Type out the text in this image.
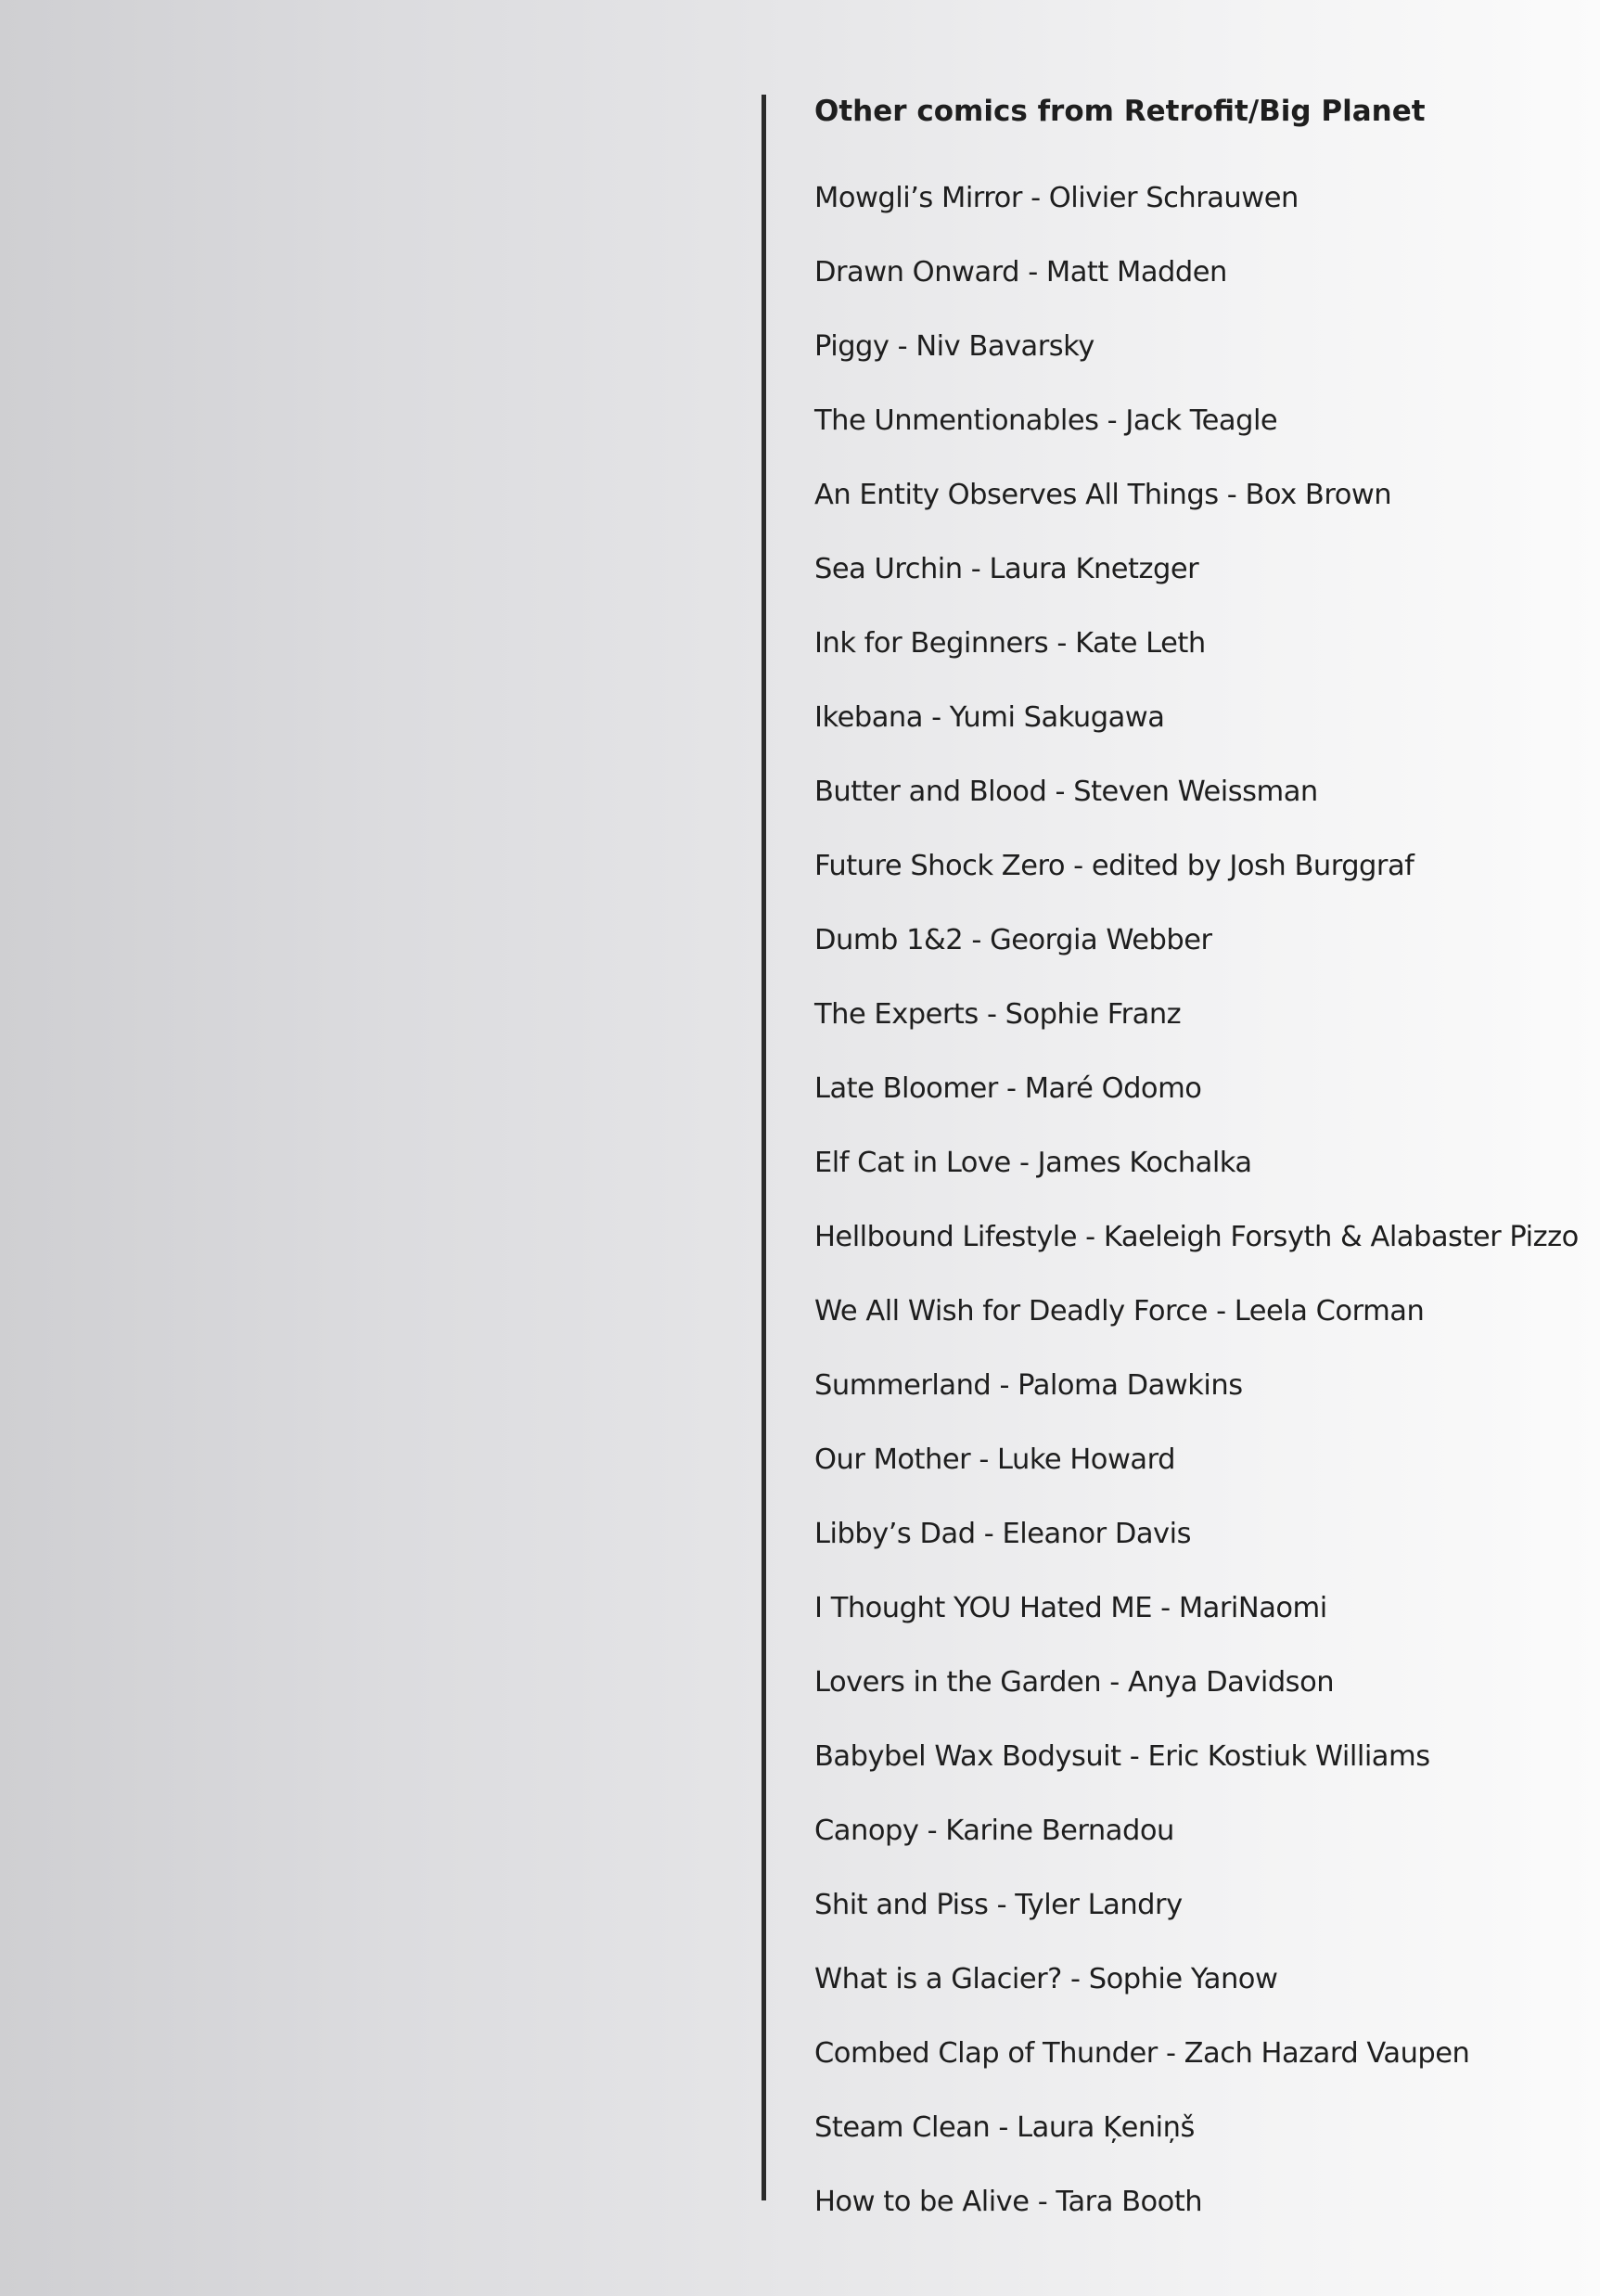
Other comics from Retrofit/Big Planet
Mowgli’s Mirror - Olivier Schrauwen
Drawn Onward - Matt Madden
Piggy - Niv Bavarsky
The Unmentionables - Jack Teagle
An Entity Observes All Things - Box Brown
Sea Urchin - Laura Knetzger
Ink for Beginners - Kate Leth
Ikebana - Yumi Sakugawa
Butter and Blood - Steven Weissman
Future Shock Zero - edited by Josh Burggraf
Dumb 1&2 - Georgia Webber
The Experts - Sophie Franz
Late Bloomer - Maré Odomo
Elf Cat in Love - James Kochalka
Hellbound Lifestyle - Kaeleigh Forsyth & Alabaster Pizzo
We All Wish for Deadly Force - Leela Corman
Summerland - Paloma Dawkins
Our Mother - Luke Howard
Libby’s Dad - Eleanor Davis
I Thought YOU Hated ME - MariNaomi
Lovers in the Garden - Anya Davidson
Babybel Wax Bodysuit - Eric Kostiuk Williams
Canopy - Karine Bernadou
Shit and Piss - Tyler Landry
What is a Glacier? - Sophie Yanow
Combed Clap of Thunder - Zach Hazard Vaupen
Steam Clean - Laura Ķeniņš
How to be Alive - Tara Booth
